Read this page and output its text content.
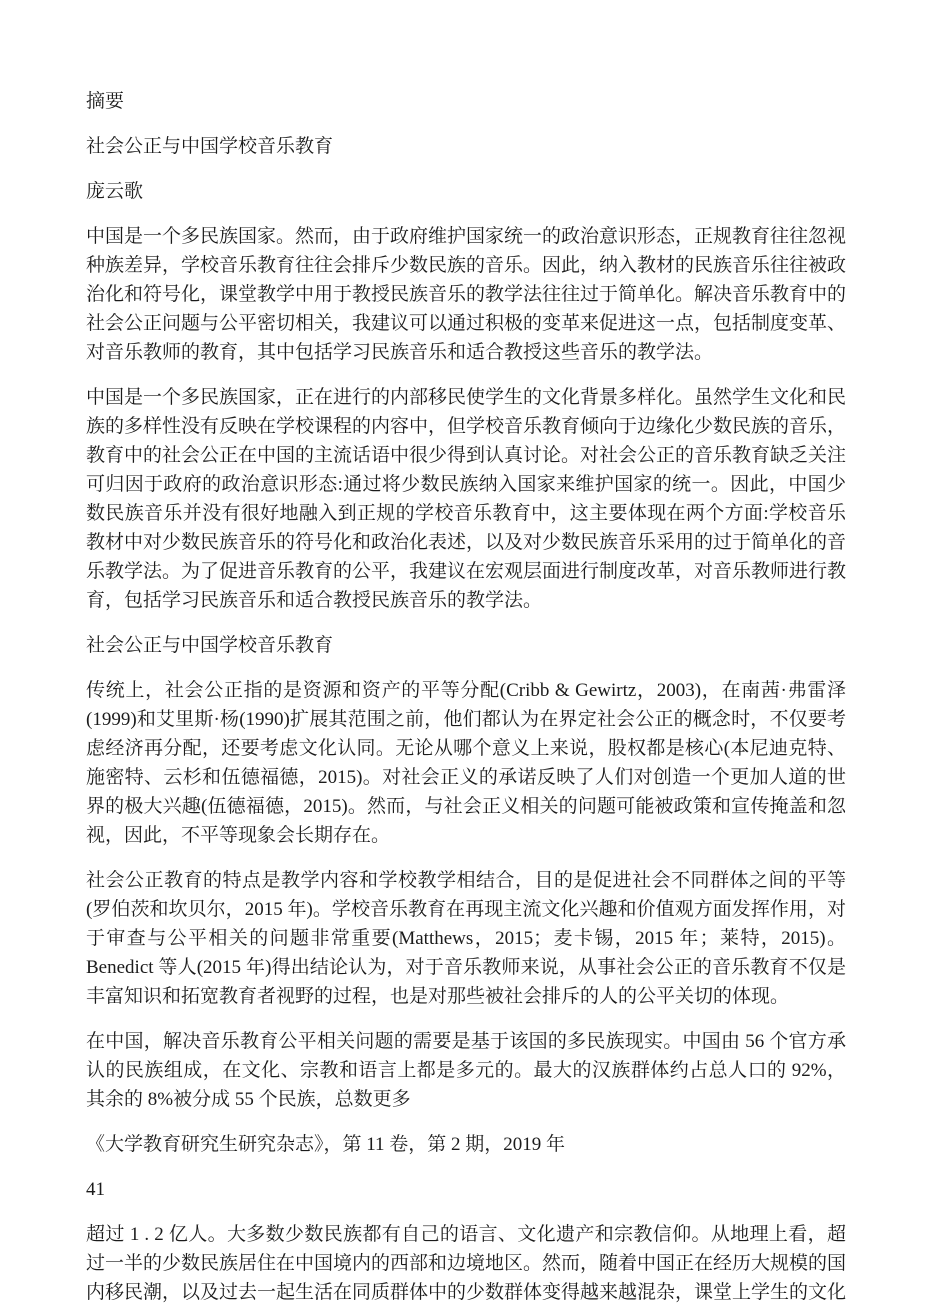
摘要
社会公正与中国学校音乐教育
庞云歌
中国是一个多民族国家。然而，由于政府维护国家统一的政治意识形态，正规教育往往忽视种族差异，学校音乐教育往往会排斥少数民族的音乐。因此，纳入教材的民族音乐往往被政治化和符号化，课堂教学中用于教授民族音乐的教学法往往过于简单化。解决音乐教育中的社会公正问题与公平密切相关，我建议可以通过积极的变革来促进这一点，包括制度变革、对音乐教师的教育，其中包括学习民族音乐和适合教授这些音乐的教学法。
中国是一个多民族国家，正在进行的内部移民使学生的文化背景多样化。虽然学生文化和民族的多样性没有反映在学校课程的内容中，但学校音乐教育倾向于边缘化少数民族的音乐，教育中的社会公正在中国的主流话语中很少得到认真讨论。对社会公正的音乐教育缺乏关注可归因于政府的政治意识形态:通过将少数民族纳入国家来维护国家的统一。因此，中国少数民族音乐并没有很好地融入到正规的学校音乐教育中，这主要体现在两个方面:学校音乐教材中对少数民族音乐的符号化和政治化表述，以及对少数民族音乐采用的过于简单化的音乐教学法。为了促进音乐教育的公平，我建议在宏观层面进行制度改革，对音乐教师进行教育，包括学习民族音乐和适合教授民族音乐的教学法。
社会公正与中国学校音乐教育
传统上，社会公正指的是资源和资产的平等分配(Cribb & Gewirtz，2003)，在南茜·弗雷泽(1999)和艾里斯·杨(1990)扩展其范围之前，他们都认为在界定社会公正的概念时，不仅要考虑经济再分配，还要考虑文化认同。无论从哪个意义上来说，股权都是核心(本尼迪克特、施密特、云杉和伍德福德，2015)。对社会正义的承诺反映了人们对创造一个更加人道的世界的极大兴趣(伍德福德，2015)。然而，与社会正义相关的问题可能被政策和宣传掩盖和忽视，因此，不平等现象会长期存在。
社会公正教育的特点是教学内容和学校教学相结合，目的是促进社会不同群体之间的平等(罗伯茨和坎贝尔，2015 年)。学校音乐教育在再现主流文化兴趣和价值观方面发挥作用，对于审查与公平相关的问题非常重要(Matthews，2015；麦卡锡，2015 年；莱特，2015)。Benedict 等人(2015 年)得出结论认为，对于音乐教师来说，从事社会公正的音乐教育不仅是丰富知识和拓宽教育者视野的过程，也是对那些被社会排斥的人的公平关切的体现。
在中国，解决音乐教育公平相关问题的需要是基于该国的多民族现实。中国由 56 个官方承认的民族组成，在文化、宗教和语言上都是多元的。最大的汉族群体约占总人口的 92%，其余的 8%被分成 55 个民族，总数更多
《大学教育研究生研究杂志》，第 11 卷，第 2 期，2019 年
41
超过 1 . 2 亿人。大多数少数民族都有自己的语言、文化遗产和宗教信仰。从地理上看，超过一半的少数民族居住在中国境内的西部和边境地区。然而，随着中国正在经历大规模的国内移民潮，以及过去一起生活在同质群体中的少数群体变得越来越混杂，课堂上学生的文化
